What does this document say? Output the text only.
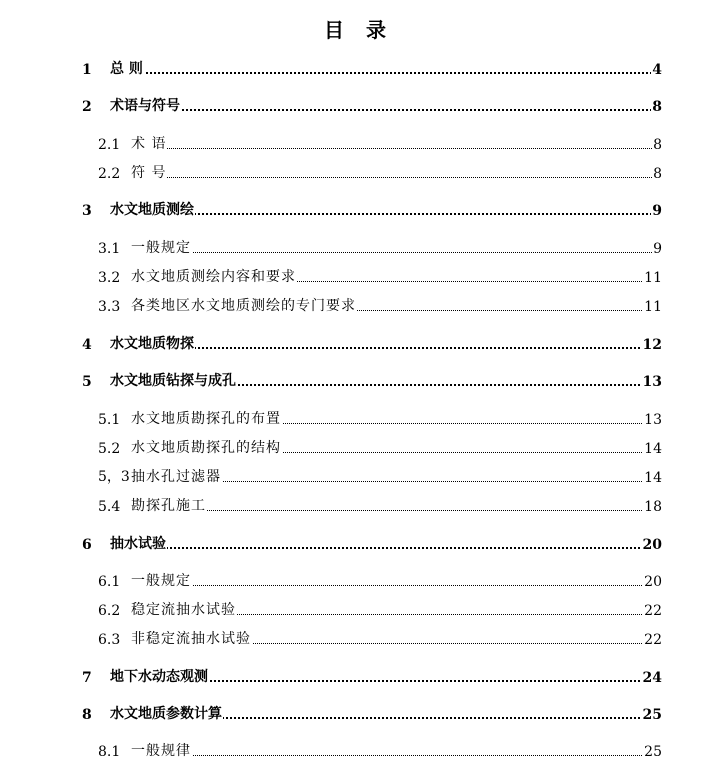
目录
1 总 则	4
2 术语与符号	8
2.1 术 语	8
2.2 符 号	8
3 水文地质测绘	9
3.1 一般规定	9
3.2 水文地质测绘内容和要求	11
3.3 各类地区水文地质测绘的专门要求	11
4 水文地质物探	12
5 水文地质钻探与成孔	13
5.1 水文地质勘探孔的布置	13
5.2 水文地质勘探孔的结构	14
5，3 抽水孔过滤器	14
5.4 勘探孔施工	18
6 抽水试验	20
6.1 一般规定	20
6.2 稳定流抽水试验	22
6.3 非稳定流抽水试验	22
7 地下水动态观测	24
8 水文地质参数计算	25
8.1 一般规律	25
